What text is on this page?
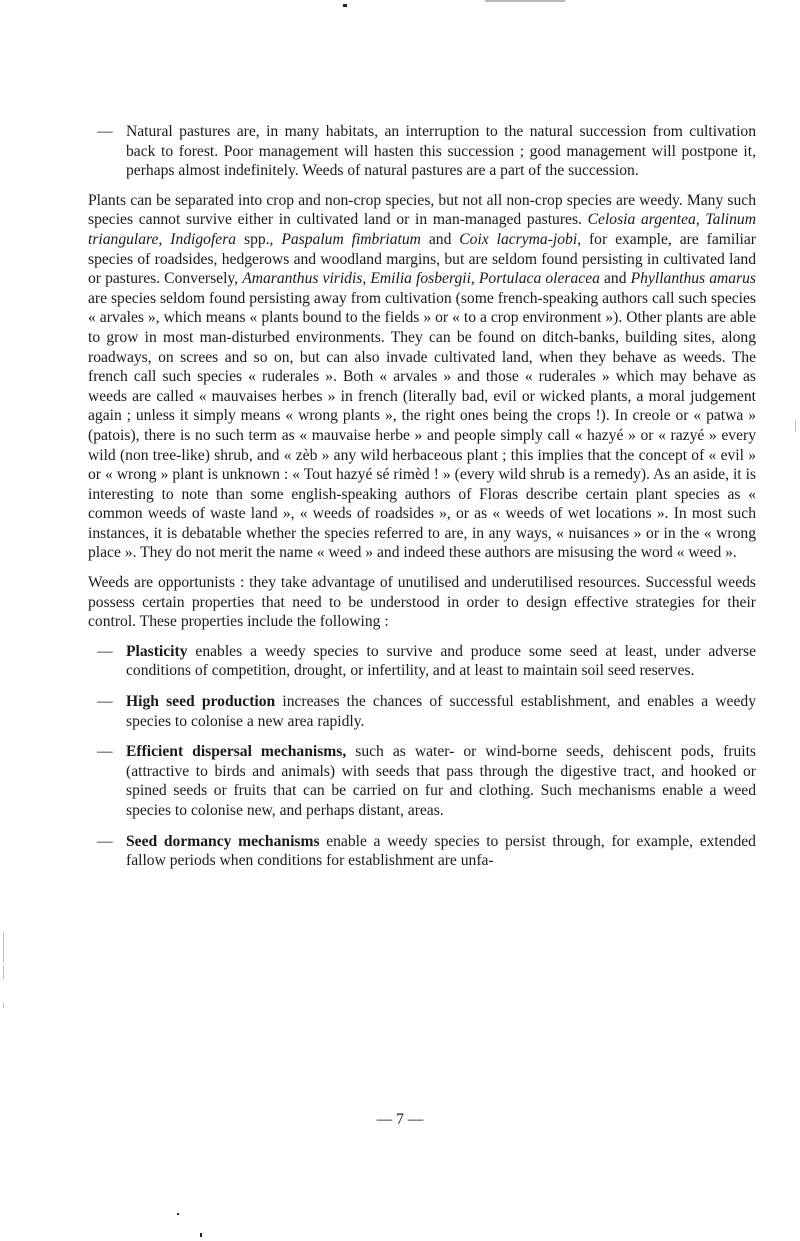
— Natural pastures are, in many habitats, an interruption to the natural succession from cultivation back to forest. Poor management will hasten this succession ; good management will postpone it, perhaps almost indefinitely. Weeds of natural pastures are a part of the succession.

Plants can be separated into crop and non-crop species, but not all non-crop species are weedy. Many such species cannot survive either in cultivated land or in man-managed pastures. Celosia argentea, Talinum triangulare, Indigofera spp., Paspalum fimbriatum and Coix lacryma-jobi, for example, are familiar species of roadsides, hedgerows and woodland margins, but are seldom found persisting in cultivated land or pastures. Conversely, Amaranthus viridis, Emilia fosbergii, Portulaca oleracea and Phyllanthus amarus are species seldom found persisting away from cultivation (some french-speaking authors call such species « arvales », which means « plants bound to the fields » or « to a crop environment »). Other plants are able to grow in most man-disturbed environments. They can be found on ditch-banks, building sites, along roadways, on screes and so on, but can also invade cultivated land, when they behave as weeds. The french call such species « ruderales ». Both « arvales » and those « ruderales » which may behave as weeds are called « mauvaises herbes » in french (literally bad, evil or wicked plants, a moral judgement again ; unless it simply means « wrong plants », the right ones being the crops !). In creole or « patwa » (patois), there is no such term as « mauvaise herbe » and people simply call « hazyé » or « razyé » every wild (non tree-like) shrub, and « zèb » any wild herbaceous plant ; this implies that the concept of « evil » or « wrong » plant is unknown : « Tout hazyé sé rimèd ! » (every wild shrub is a remedy). As an aside, it is interesting to note than some english-speaking authors of Floras describe certain plant species as « common weeds of waste land », « weeds of roadsides », or as « weeds of wet locations ». In most such instances, it is debatable whether the species referred to are, in any ways, « nuisances » or in the « wrong place ». They do not merit the name « weed » and indeed these authors are misusing the word « weed ».

Weeds are opportunists : they take advantage of unutilised and underutilised resources. Successful weeds possess certain properties that need to be understood in order to design effective strategies for their control. These properties include the following :

— Plasticity enables a weedy species to survive and produce some seed at least, under adverse conditions of competition, drought, or infertility, and at least to maintain soil seed reserves.
— High seed production increases the chances of successful establishment, and enables a weedy species to colonise a new area rapidly.
— Efficient dispersal mechanisms, such as water- or wind-borne seeds, dehiscent pods, fruits (attractive to birds and animals) with seeds that pass through the digestive tract, and hooked or spined seeds or fruits that can be carried on fur and clothing. Such mechanisms enable a weed species to colonise new, and perhaps distant, areas.
— Seed dormancy mechanisms enable a weedy species to persist through, for example, extended fallow periods when conditions for establishment are unfa-
— 7 —
